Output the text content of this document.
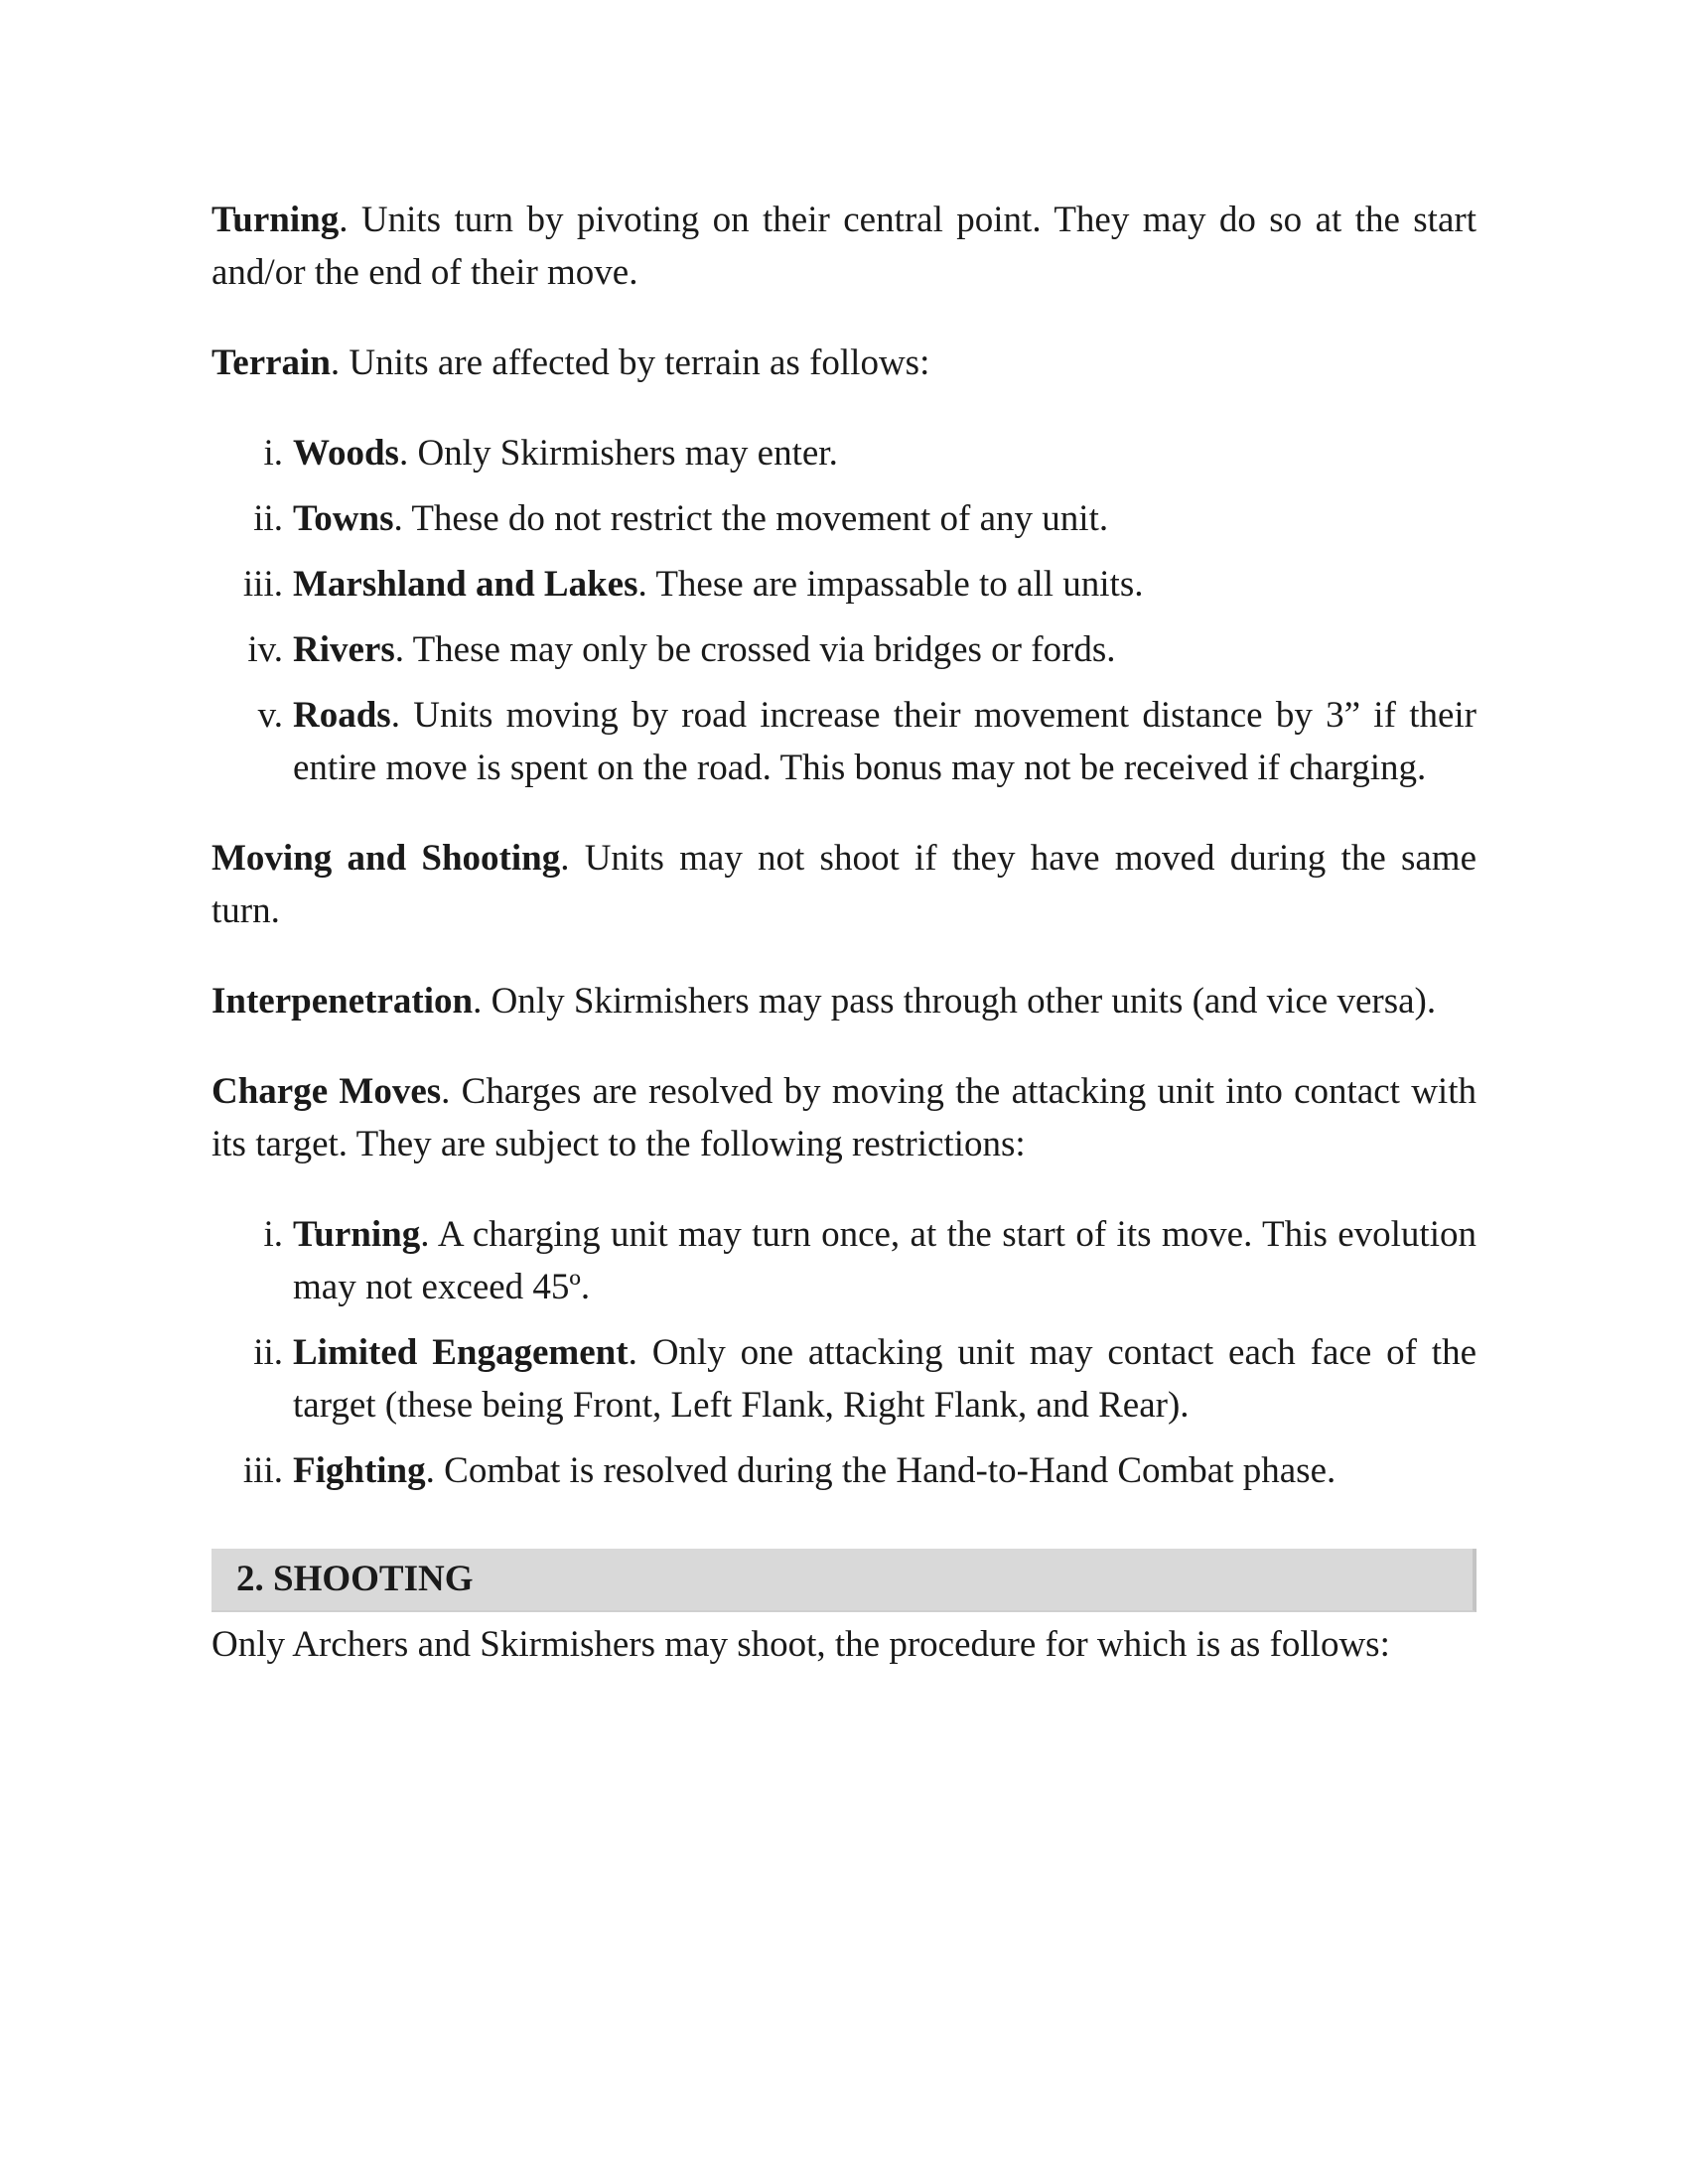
Turning. Units turn by pivoting on their central point. They may do so at the start and/or the end of their move.

Terrain. Units are affected by terrain as follows:

i. Woods. Only Skirmishers may enter.
ii. Towns. These do not restrict the movement of any unit.
iii. Marshland and Lakes. These are impassable to all units.
iv. Rivers. These may only be crossed via bridges or fords.
v. Roads. Units moving by road increase their movement distance by 3” if their entire move is spent on the road. This bonus may not be received if charging.

Moving and Shooting. Units may not shoot if they have moved during the same turn.

Interpenetration. Only Skirmishers may pass through other units (and vice versa).

Charge Moves. Charges are resolved by moving the attacking unit into contact with its target. They are subject to the following restrictions:

i. Turning. A charging unit may turn once, at the start of its move. This evolution may not exceed 45º.
ii. Limited Engagement. Only one attacking unit may contact each face of the target (these being Front, Left Flank, Right Flank, and Rear).
iii. Fighting. Combat is resolved during the Hand-to-Hand Combat phase.
2. SHOOTING

Only Archers and Skirmishers may shoot, the procedure for which is as follows:
